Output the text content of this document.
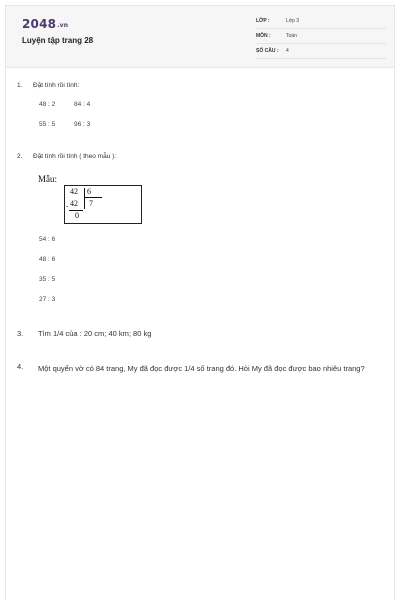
2048.vn
Luyện tập trang 28
LỚP :	Lớp 3
MÔN :	Toán
SỐ CÂU : 4
1. Đặt tính rồi tính:
48 : 2	84 : 4
55 : 5	96 : 3
2. Đặt tính rồi tính ( theo mẫu ):
Mẫu:
42 6
42 7
0
-
54 : 6
48 : 6
35 : 5
27 : 3
3. Tìm 1/4 của : 20 cm; 40 km; 80 kg
4. Một quyển vở có 84 trang, My đã đọc được 1/4 số trang đó. Hỏi My đã đọc được bao nhiêu trang?
